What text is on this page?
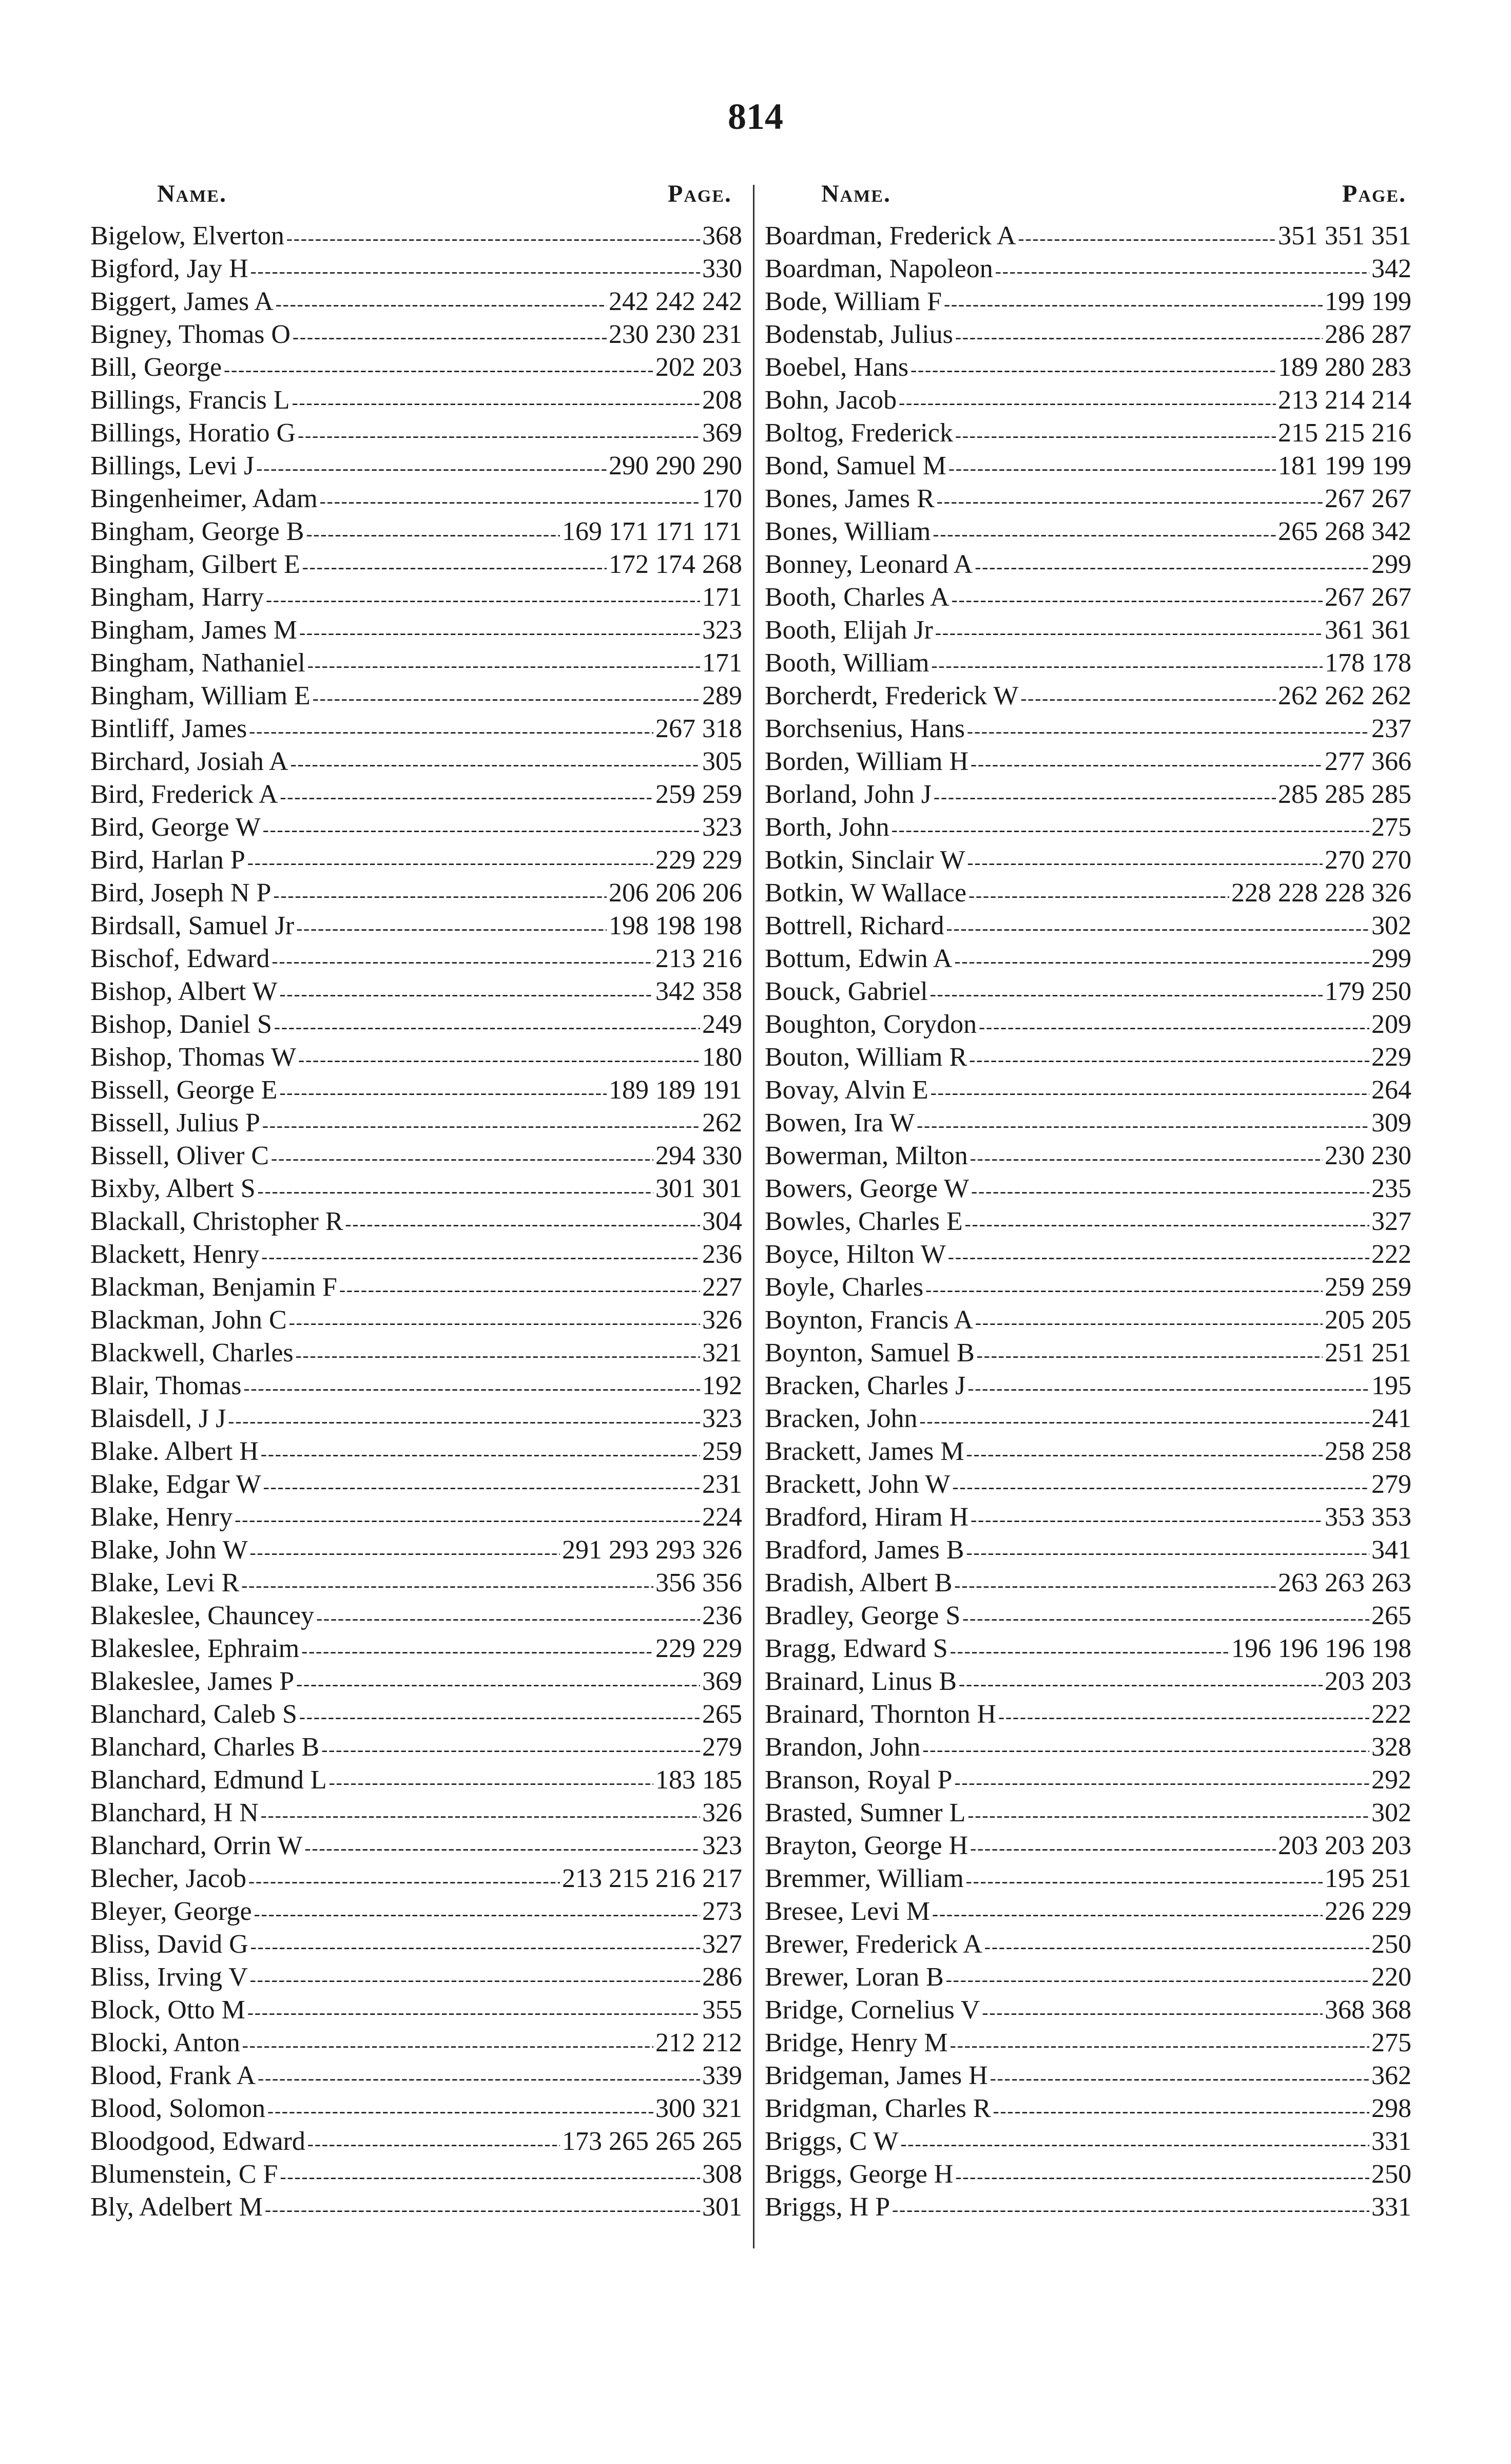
814
Name.	Page.
Bigelow, Elverton -----	368
Bigford, Jay H -----	330
Biggert, James A -----	242 242 242
Bigney, Thomas O -----	230 230 231
Bill, George -----	202 203
Billings, Francis L -----	208
Billings, Horatio G -----	369
Billings, Levi J -----	290 290 290
Bingenheimer, Adam -----	170
Bingham, George B -----	169 171 171 171
Bingham, Gilbert E -----	172 174 268
Bingham, Harry -----	171
Bingham, James M -----	323
Bingham, Nathaniel -----	171
Bingham, William E -----	289
Bintliff, James -----	267 318
Birchard, Josiah A -----	305
Bird, Frederick A -----	259 259
Bird, George W -----	323
Bird, Harlan P -----	229 229
Bird, Joseph N P -----	206 206 206
Birdsall, Samuel Jr -----	198 198 198
Bischof, Edward -----	213 216
Bishop, Albert W -----	342 358
Bishop, Daniel S -----	249
Bishop, Thomas W -----	180
Bissell, George E -----	189 189 191
Bissell, Julius P -----	262
Bissell, Oliver C -----	294 330
Bixby, Albert S -----	301 301
Blackall, Christopher R -----	304
Blackett, Henry -----	236
Blackman, Benjamin F -----	227
Blackman, John C -----	326
Blackwell, Charles -----	321
Blair, Thomas -----	192
Blaisdell, J J -----	323
Blake. Albert H -----	259
Blake, Edgar W -----	231
Blake, Henry -----	224
Blake, John W -----	291 293 293 326
Blake, Levi R -----	356 356
Blakeslee, Chauncey -----	236
Blakeslee, Ephraim -----	229 229
Blakeslee, James P -----	369
Blanchard, Caleb S -----	265
Blanchard, Charles B -----	279
Blanchard, Edmund L -----	183 185
Blanchard, H N -----	326
Blanchard, Orrin W -----	323
Blecher, Jacob -----	213 215 216 217
Bleyer, George -----	273
Bliss, David G -----	327
Bliss, Irving V -----	286
Block, Otto M -----	355
Blocki, Anton -----	212 212
Blood, Frank A -----	339
Blood, Solomon -----	300 321
Bloodgood, Edward -----	173 265 265 265
Blumenstein, C F -----	308
Bly, Adelbert M -----	301
Name.	Page.
Boardman, Frederick A -----	351 351 351
Boardman, Napoleon -----	342
Bode, William F -----	199 199
Bodenstab, Julius -----	286 287
Boebel, Hans -----	189 280 283
Bohn, Jacob -----	213 214 214
Boltog, Frederick -----	215 215 216
Bond, Samuel M -----	181 199 199
Bones, James R -----	267 267
Bones, William -----	265 268 342
Bonney, Leonard A -----	299
Booth, Charles A -----	267 267
Booth, Elijah Jr -----	361 361
Booth, William -----	178 178
Borcherdt, Frederick W -----	262 262 262
Borchsenius, Hans -----	237
Borden, William H -----	277 366
Borland, John J -----	285 285 285
Borth, John -----	275
Botkin, Sinclair W -----	270 270
Botkin, W Wallace -----	228 228 228 326
Bottrell, Richard -----	302
Bottum, Edwin A -----	299
Bouck, Gabriel -----	179 250
Boughton, Corydon -----	209
Bouton, William R -----	229
Bovay, Alvin E -----	264
Bowen, Ira W -----	309
Bowerman, Milton -----	230 230
Bowers, George W -----	235
Bowles, Charles E -----	327
Boyce, Hilton W -----	222
Boyle, Charles -----	259 259
Boynton, Francis A -----	205 205
Boynton, Samuel B -----	251 251
Bracken, Charles J -----	195
Bracken, John -----	241
Brackett, James M -----	258 258
Brackett, John W -----	279
Bradford, Hiram H -----	353 353
Bradford, James B -----	341
Bradish, Albert B -----	263 263 263
Bradley, George S -----	265
Bragg, Edward S -----	196 196 196 198
Brainard, Linus B -----	203 203
Brainard, Thornton H -----	222
Brandon, John -----	328
Branson, Royal P -----	292
Brasted, Sumner L -----	302
Brayton, George H -----	203 203 203
Bremmer, William -----	195 251
Bresee, Levi M -----	226 229
Brewer, Frederick A -----	250
Brewer, Loran B -----	220
Bridge, Cornelius V -----	368 368
Bridge, Henry M -----	275
Bridgeman, James H -----	362
Bridgman, Charles R -----	298
Briggs, C W -----	331
Briggs, George H -----	250
Briggs, H P -----	331
